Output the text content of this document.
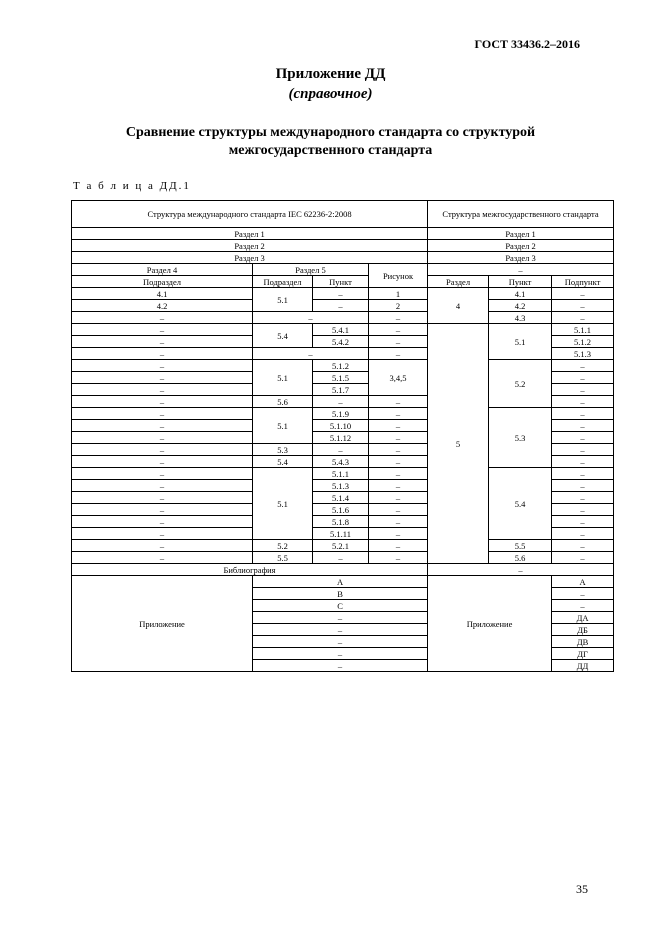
ГОСТ 33436.2–2016
Приложение ДД
(справочное)
Сравнение структуры международного стандарта со структурой
межгосударственного стандарта
Т а б л и ц а ДД.1
Структура международного стандарта IEC 62236-2:2008				Структура межгосударственного стандарта		
Раздел 1				Раздел 1		
Раздел 2				Раздел 2		
Раздел 3				Раздел 3		
Раздел 4	Раздел 5		Рисунок	–		
Подраздел	Подраздел	Пункт		Раздел	Пункт	Подпункт
4.1	5.1	–	1	4	4.1	–
4.2		–	2		4.2	–
–	–		–		4.3	–
–	5.4	5.4.1	–	5	5.1	5.1.1
–		5.4.2	–			5.1.2
–	–		–			5.1.3
–	5.1	5.1.2	3,4,5		5.2	–
–		5.1.5				–
–		5.1.7				–
–	5.6	–	–			–
–	5.1	5.1.9	–		5.3	–
–		5.1.10	–			–
–		5.1.12	–			–
–	5.3	–	–			–
–	5.4	5.4.3	–			–
–	5.1	5.1.1	–		5.4	–
–		5.1.3	–			–
–		5.1.4	–			–
–		5.1.6	–			–
–		5.1.8	–			–
–		5.1.11	–			–
–	5.2	5.2.1	–		5.5	–
–	5.5	–	–		5.6	–
Библиография				–		
Приложение	A			Приложение		А
	B					–
	C					–
	–					ДА
	–					ДБ
	–					ДВ
	–					ДГ
	–					ДД
35
